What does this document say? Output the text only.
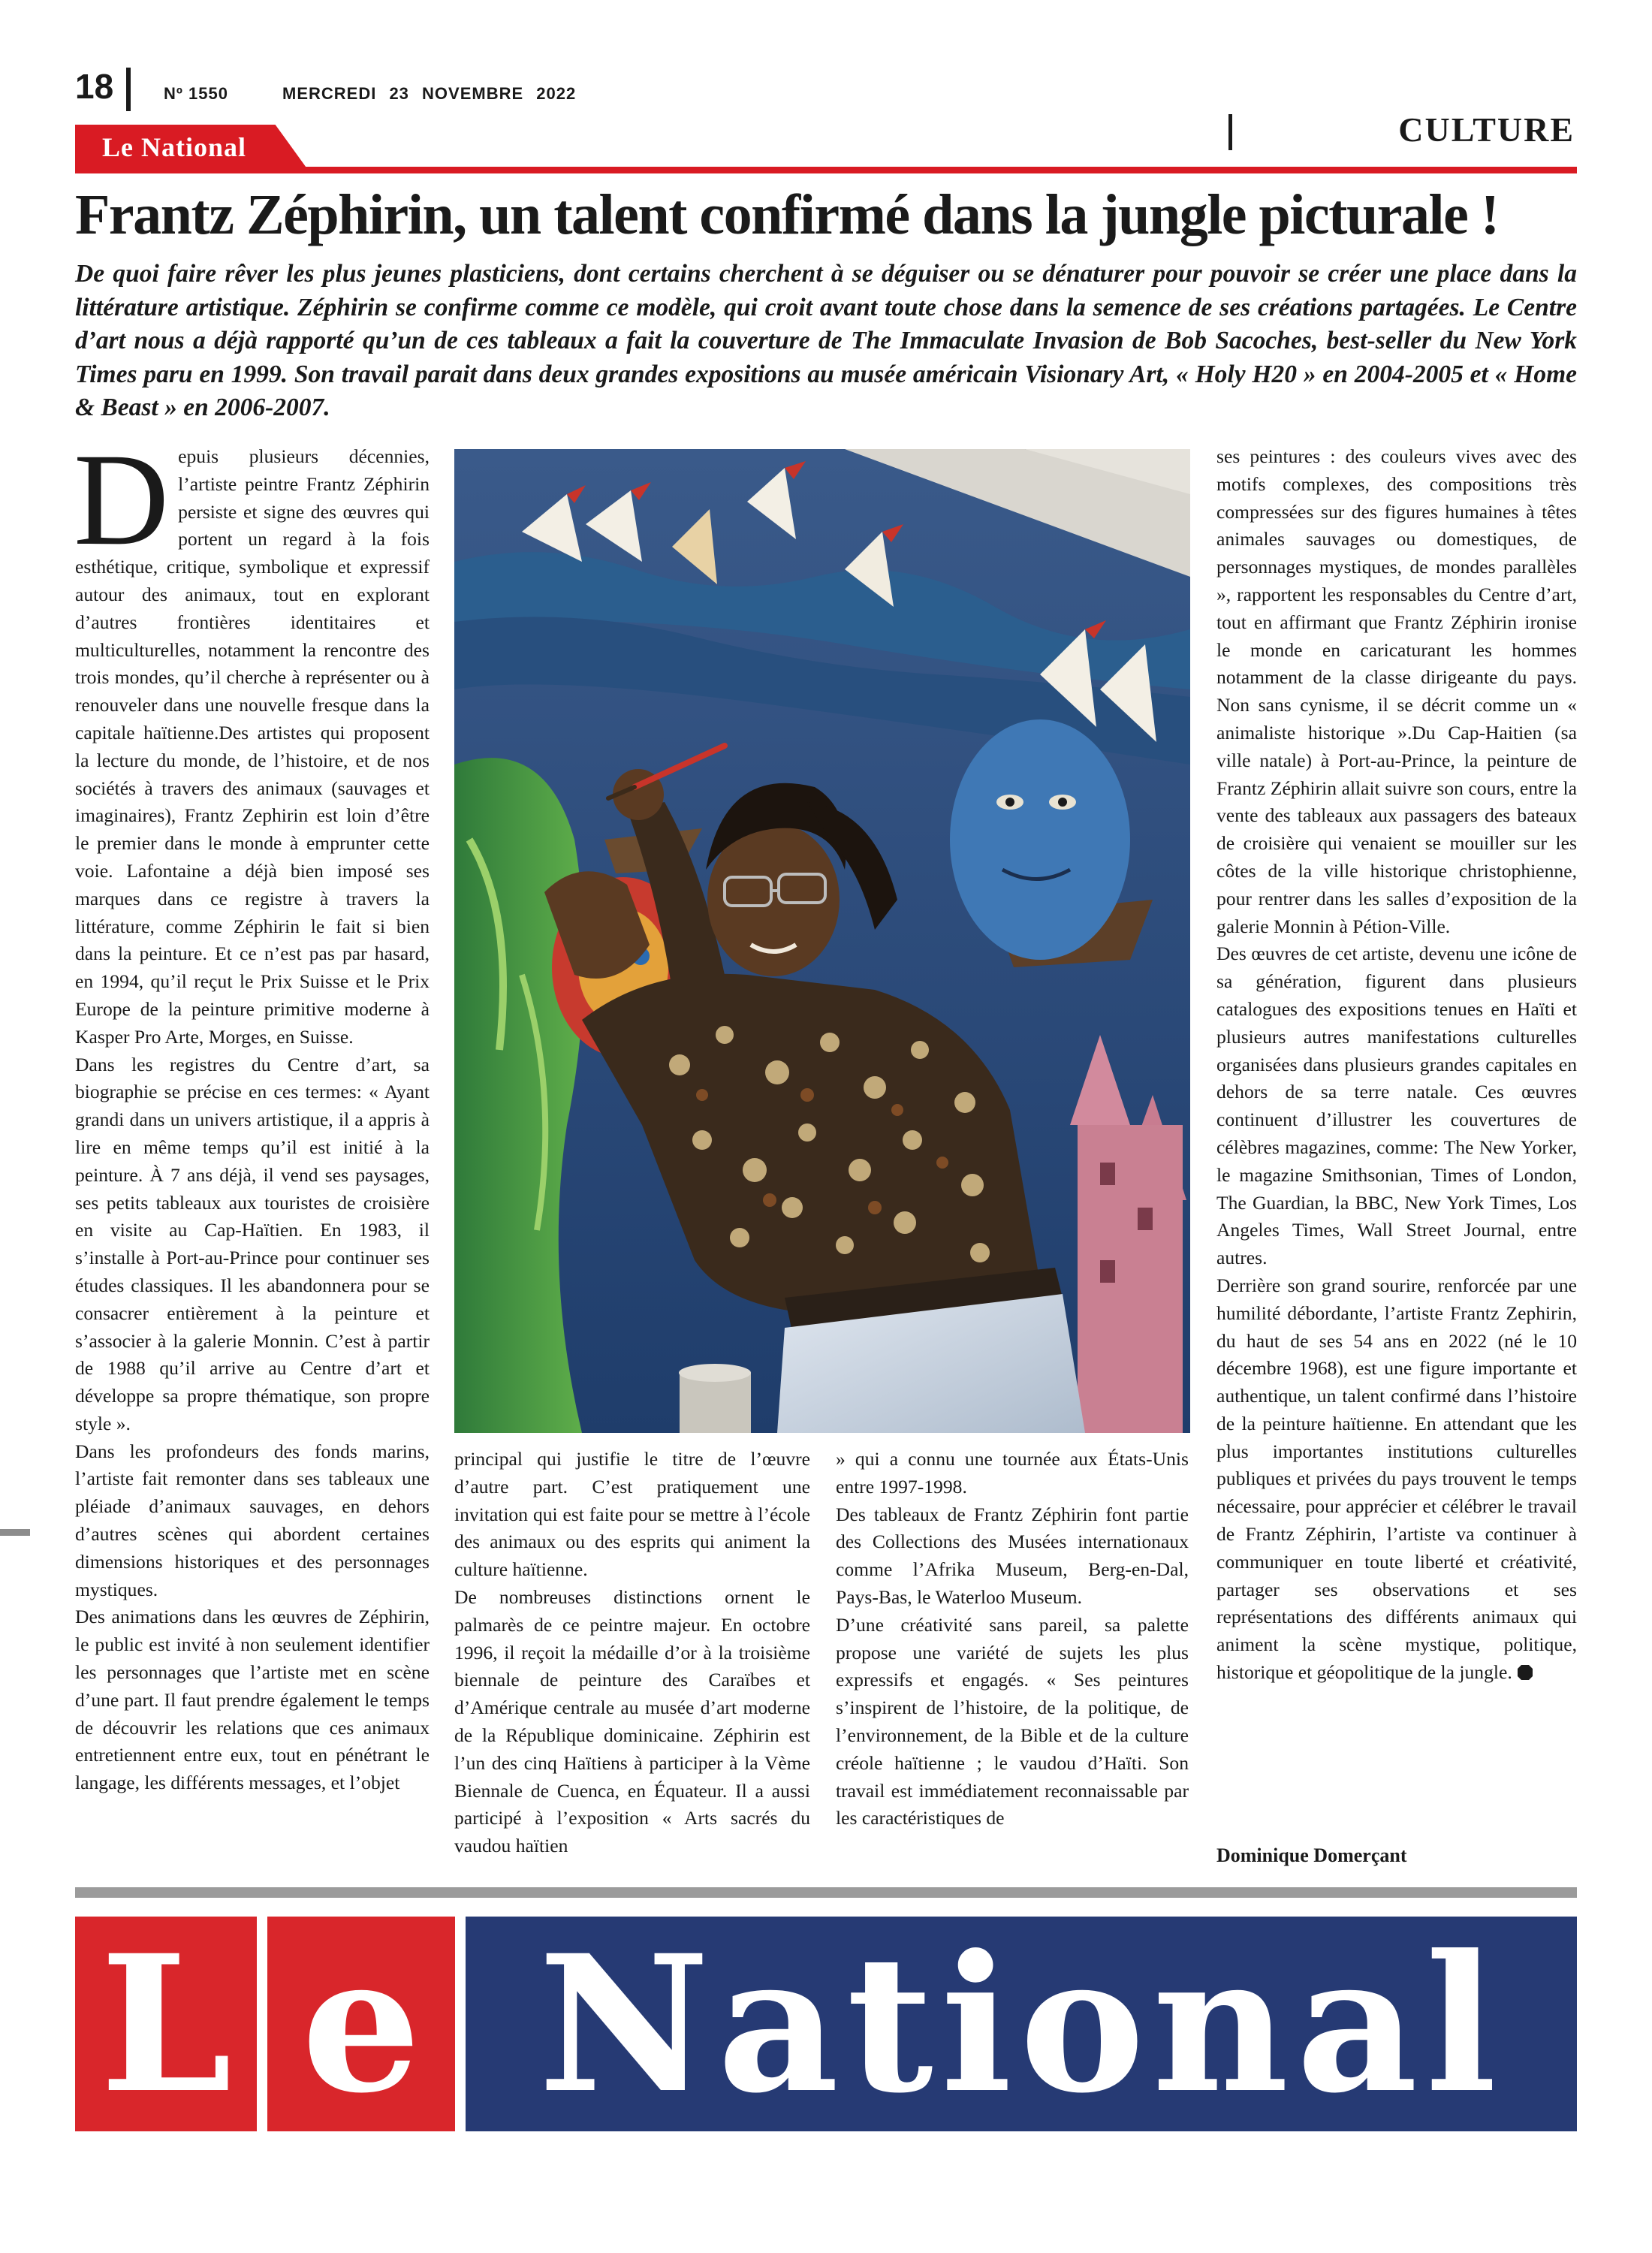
18	Nº 1550	MERCREDI 23 NOVEMBRE 2022
CULTURE
Le National
Frantz Zéphirin, un talent confirmé dans la jungle picturale !
De quoi faire rêver les plus jeunes plasticiens, dont certains cherchent à se déguiser ou se dénaturer pour pouvoir se créer une place dans la littérature artistique. Zéphirin se confirme comme ce modèle, qui croit avant toute chose dans la semence de ses créations partagées. Le Centre d’art nous a déjà rapporté qu’un de ces tableaux a fait la couverture de The Immaculate Invasion de Bob Sacoches, best-seller du New York Times paru en 1999. Son travail parait dans deux grandes expositions au musée américain Visionary Art, « Holy H20 » en 2004-2005 et « Home & Beast » en 2006-2007.

Depuis plusieurs décennies, l’artiste peintre Frantz Zéphirin persiste et signe des œuvres qui portent un regard à la fois esthétique, critique, symbolique et expressif autour des animaux, tout en explorant d’autres frontières identitaires et multiculturelles, notamment la rencontre des trois mondes, qu’il cherche à représenter ou à renouveler dans une nouvelle fresque dans la capitale haïtienne.Des artistes qui proposent la lecture du monde, de l’histoire, et de nos sociétés à travers des animaux (sauvages et imaginaires), Frantz Zephirin est loin d’être le premier dans le monde à emprunter cette voie. Lafontaine a déjà bien imposé ses marques dans ce registre à travers la littérature, comme Zéphirin le fait si bien dans la peinture. Et ce n’est pas par hasard, en 1994, qu’il reçut le Prix Suisse et le Prix Europe de la peinture primitive moderne à Kasper Pro Arte, Morges, en Suisse.

Dans les registres du Centre d’art, sa biographie se précise en ces termes: « Ayant grandi dans un univers artistique, il a appris à lire en même temps qu’il est initié à la peinture. À 7 ans déjà, il vend ses paysages, ses petits tableaux aux touristes de croisière en visite au Cap-Haïtien. En 1983, il s’installe à Port-au-Prince pour continuer ses études classiques. Il les abandonnera pour se consacrer entièrement à la peinture et s’associer à la galerie Monnin. C’est à partir de 1988 qu’il arrive au Centre d’art et développe sa propre thématique, son propre style ».

Dans les profondeurs des fonds marins, l’artiste fait remonter dans ses tableaux une pléiade d’animaux sauvages, en dehors d’autres scènes qui abordent certaines dimensions historiques et des personnages mystiques.

Des animations dans les œuvres de Zéphirin, le public est invité à non seulement identifier les personnages que l’artiste met en scène d’une part. Il faut prendre également le temps de découvrir les relations que ces animaux entretiennent entre eux, tout en pénétrant le langage, les différents messages, et l’objet

principal qui justifie le titre de l’œuvre d’autre part. C’est pratiquement une invitation qui est faite pour se mettre à l’école des animaux ou des esprits qui animent la culture haïtienne.

De nombreuses distinctions ornent le palmarès de ce peintre majeur. En octobre 1996, il reçoit la médaille d’or à la troisième biennale de peinture des Caraïbes et d’Amérique centrale au musée d’art moderne de la République dominicaine. Zéphirin est l’un des cinq Haïtiens à participer à la Vème Biennale de Cuenca, en Équateur. Il a aussi participé à l’exposition « Arts sacrés du vaudou haïtien

» qui a connu une tournée aux États-Unis entre 1997-1998.

Des tableaux de Frantz Zéphirin font partie des Collections des Musées internationaux comme l’Afrika Museum, Berg-en-Dal, Pays-Bas, le Waterloo Museum.

D’une créativité sans pareil, sa palette propose une variété de sujets les plus expressifs et engagés. « Ses peintures s’inspirent de l’histoire, de la politique, de l’environnement, de la Bible et de la culture créole haïtienne ; le vaudou d’Haïti. Son travail est immédiatement reconnaissable par les caractéristiques de

ses peintures : des couleurs vives avec des motifs complexes, des compositions très compressées sur des figures humaines à têtes animales sauvages ou domestiques, de personnages mystiques, de mondes parallèles », rapportent les responsables du Centre d’art, tout en affirmant que Frantz Zéphirin ironise le monde en caricaturant les hommes notamment de la classe dirigeante du pays. Non sans cynisme, il se décrit comme un « animaliste historique ».Du Cap-Haitien (sa ville natale) à Port-au-Prince, la peinture de Frantz Zéphirin allait suivre son cours, entre la vente des tableaux aux passagers des bateaux de croisière qui venaient se mouiller sur les côtes de la ville historique christophienne, pour rentrer dans les salles d’exposition de la galerie Monnin à Pétion-Ville.

Des œuvres de cet artiste, devenu une icône de sa génération, figurent dans plusieurs catalogues des expositions tenues en Haïti et plusieurs autres manifestations culturelles organisées dans plusieurs grandes capitales en dehors de sa terre natale. Ces œuvres continuent d’illustrer les couvertures de célèbres magazines, comme: The New Yorker, le magazine Smithsonian, Times of London, The Guardian, la BBC, New York Times, Los Angeles Times, Wall Street Journal, entre autres.

Derrière son grand sourire, renforcée par une humilité débordante, l’artiste Frantz Zephirin, du haut de ses 54 ans en 2022 (né le 10 décembre 1968), est une figure importante et authentique, un talent confirmé dans l’histoire de la peinture haïtienne. En attendant que les plus importantes institutions culturelles publiques et privées du pays trouvent le temps nécessaire, pour apprécier et célébrer le travail de Frantz Zéphirin, l’artiste va continuer à communiquer en toute liberté et créativité, partager ses observations et ses représentations des différents animaux qui animent la scène mystique, politique, historique et géopolitique de la jungle.

Dominique Domerçant
L e National
